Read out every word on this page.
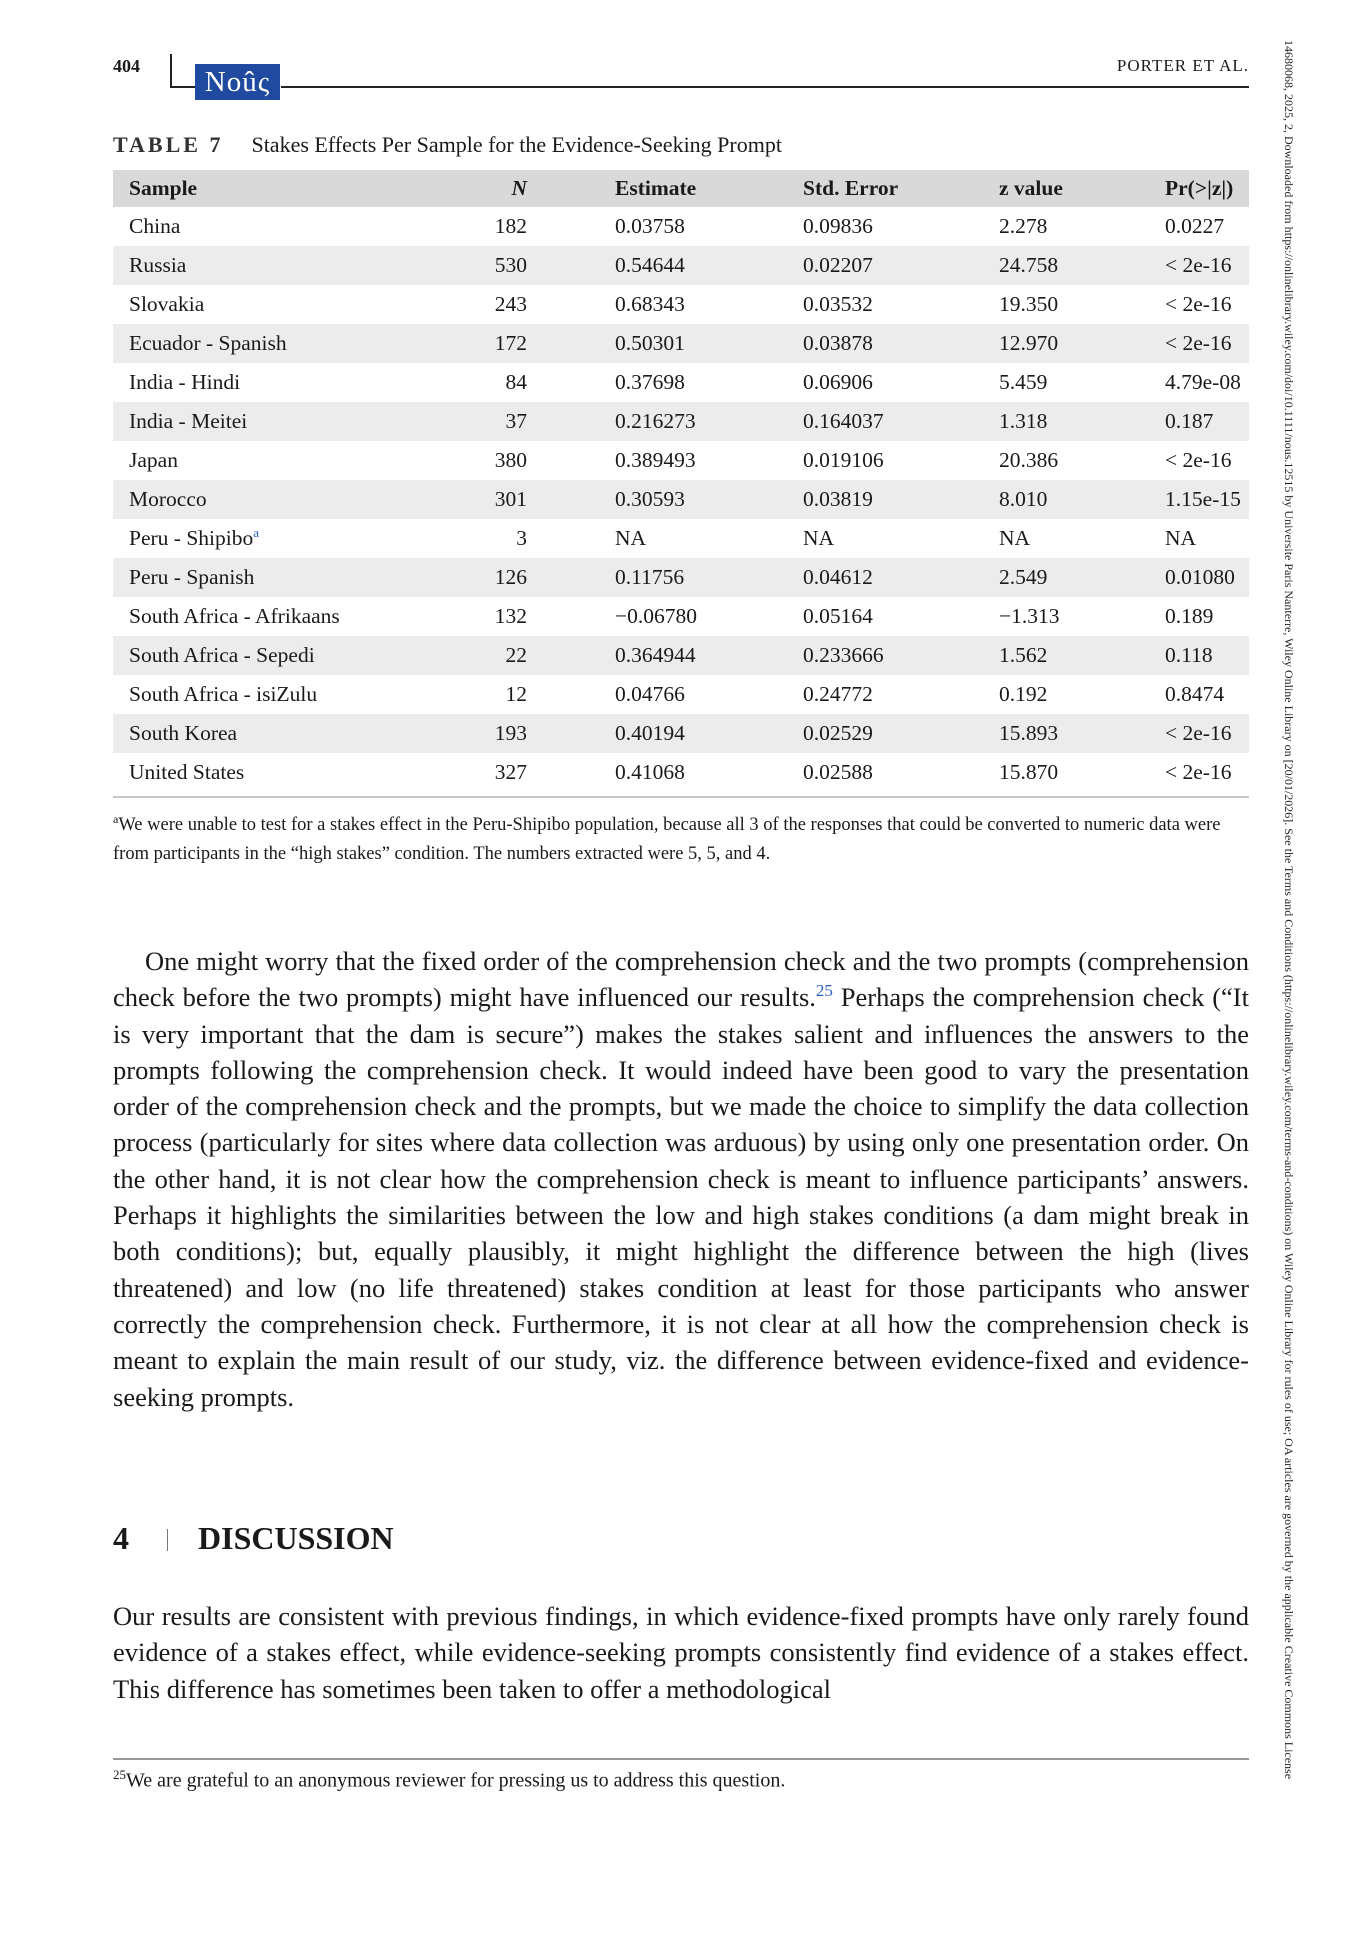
404	Noûς
PORTER ET AL.	14680068, 2025, 2, Downloaded from https://onlinelibrary.wiley.com/doi/10.1111/nous.12515 by Universite Paris Nanterre, Wiley Online Library on [20/01/2026]. See the Terms and Conditions (https://onlinelibrary.wiley.com/terms-and-conditions) on Wiley Online Library for rules of use; OA articles are governed by the applicable Creative Commons License
TABLE 7 Stakes Effects Per Sample for the Evidence-Seeking Prompt
Sample	N		Estimate	Std. Error	z value	Pr(>|z|)
China	182		0.03758	0.09836	2.278	0.0227
Russia	530		0.54644	0.02207	24.758	< 2e-16
Slovakia	243		0.68343	0.03532	19.350	< 2e-16
Ecuador - Spanish	172		0.50301	0.03878	12.970	< 2e-16
India - Hindi	84		0.37698	0.06906	5.459	4.79e-08
India - Meitei	37		0.216273	0.164037	1.318	0.187
Japan	380		0.389493	0.019106	20.386	< 2e-16
Morocco	301		0.30593	0.03819	8.010	1.15e-15
Peru - Shipibo$^a$	3		NA	NA	NA	NA
Peru - Spanish	126		0.11756	0.04612	2.549	0.01080
South Africa - Afrikaans	132		−0.06780	0.05164	−1.313	0.189
South Africa - Sepedi	22		0.364944	0.233666	1.562	0.118
South Africa - isiZulu	12		0.04766	0.24772	0.192	0.8474
South Korea	193		0.40194	0.02529	15.893	< 2e-16
United States	327		0.41068	0.02588	15.870	< 2e-16
$^a$We were unable to test for a stakes effect in the Peru-Shipibo population, because all 3 of the responses that could be converted to numeric data were from participants in the “high stakes” condition. The numbers extracted were 5, 5, and 4.

One might worry that the fixed order of the comprehension check and the two prompts (comprehension check before the two prompts) might have influenced our results.$^{25}$ Perhaps the comprehension check (“It is very important that the dam is secure”) makes the stakes salient and influences the answers to the prompts following the comprehension check. It would indeed have been good to vary the presentation order of the comprehension check and the prompts, but we made the choice to simplify the data collection process (particularly for sites where data collection was arduous) by using only one presentation order. On the other hand, it is not clear how the comprehension check is meant to influence participants’ answers. Perhaps it highlights the similarities between the low and high stakes conditions (a dam might break in both conditions); but, equally plausibly, it might highlight the difference between the high (lives threatened) and low (no life threatened) stakes condition at least for those participants who answer correctly the comprehension check. Furthermore, it is not clear at all how the comprehension check is meant to explain the main result of our study, viz. the difference between evidence-fixed and evidence-seeking prompts.

4 DISCUSSION

Our results are consistent with previous findings, in which evidence-fixed prompts have only rarely found evidence of a stakes effect, while evidence-seeking prompts consistently find evidence of a stakes effect. This difference has sometimes been taken to offer a methodological

$^{25}$We are grateful to an anonymous reviewer for pressing us to address this question.
